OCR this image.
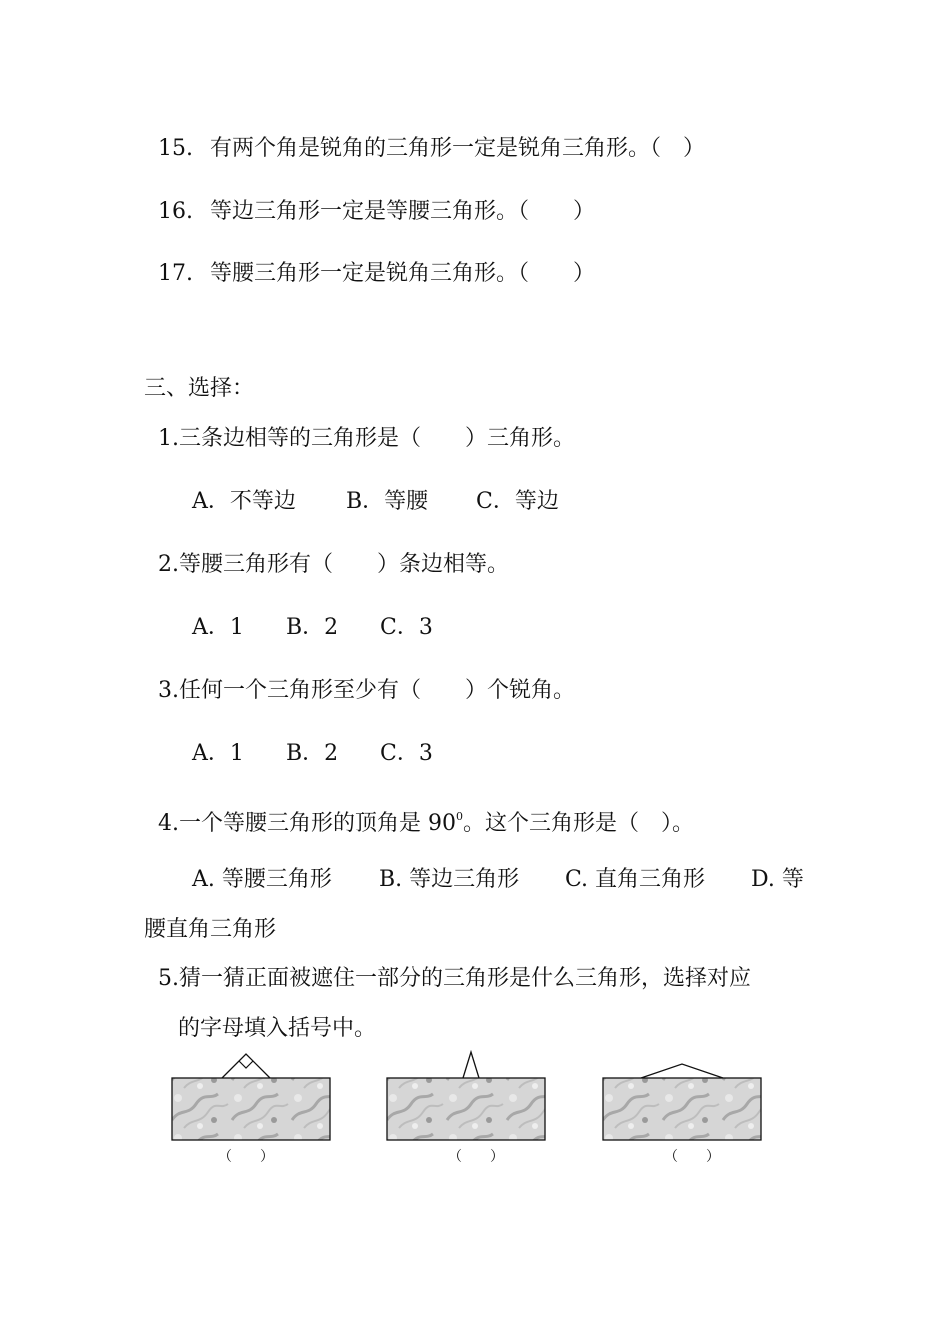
15. 有两个角是锐角的三角形一定是锐角三角形。（　）
16. 等边三角形一定是等腰三角形。（　　）
17. 等腰三角形一定是锐角三角形。（　　）
三、选择：
1.三条边相等的三角形是（　　）三角形。
A．不等边 B．等腰 C．等边
2.等腰三角形有（　　）条边相等。
A．1 B．2 C．3
3.任何一个三角形至少有（　　）个锐角。
A．1 B．2 C．3
4.一个等腰三角形的顶角是 $90^0$。这个三角形是（　）。
A. 等腰三角形 B. 等边三角形 C. 直角三角形 D. 等
腰直角三角形
5.猜一猜正面被遮住一部分的三角形是什么三角形，选择对应
的字母填入括号中。
（　　）	（　　）	（　　）
